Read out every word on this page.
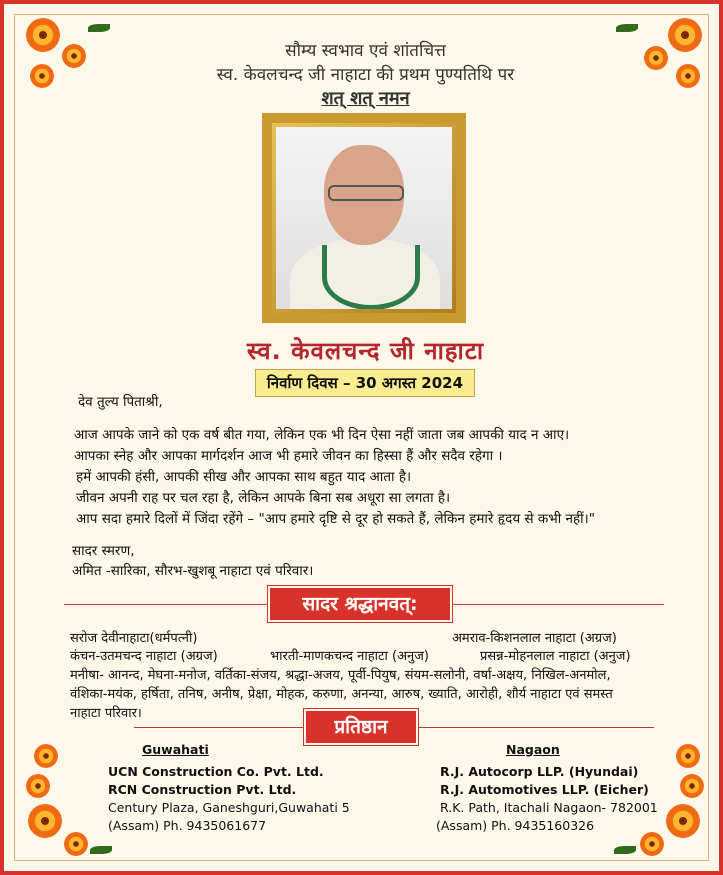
सौम्य स्वभाव एवं शांतचित्त
स्व. केवलचन्द जी नाहाटा की प्रथम पुण्यतिथि पर
शत् शत् नमन
स्व. केवलचन्द जी नाहाटा
निर्वाण दिवस – 30 अगस्त 2024
देव तुल्य पिताश्री,
आज आपके जाने को एक वर्ष बीत गया, लेकिन एक भी दिन ऐसा नहीं जाता जब आपकी याद न आए।
आपका स्नेह और आपका मार्गदर्शन आज भी हमारे जीवन का हिस्सा हैं और सदैव रहेगा ।
हमें आपकी हंसी, आपकी सीख और आपका साथ बहुत याद आता है।
जीवन अपनी राह पर चल रहा है, लेकिन आपके बिना सब अधूरा सा लगता है।
आप सदा हमारे दिलों में जिंदा रहेंगे – "आप हमारे दृष्टि से दूर हो सकते हैं, लेकिन हमारे हृदय से कभी नहीं।"
सादर स्मरण,
अमित -सारिका, सौरभ-खुशबू नाहाटा एवं परिवार।
सादर श्रद्धानवत्:
सरोज देवीनाहाटा(धर्मपत्नी)	अमराव-किशनलाल नाहाटा (अग्रज)
कंचन-उतमचन्द नाहाटा (अग्रज)	भारती-माणकचन्द नाहाटा (अनुज)	प्रसन्न-मोहनलाल नाहाटा (अनुज)
मनीषा- आनन्द, मेघना-मनोज, वर्तिका-संजय, श्रद्धा-अजय, पूर्वी-पियुष, संयम-सलोनी, वर्षा-अक्षय, निखिल-अनमोल,
वंशिका-मयंक, हर्षिता, तनिष, अनीष, प्रेक्षा, मोहक, करुणा, अनन्या, आरुष, ख्याति, आरोही, शौर्य नाहाटा एवं समस्त
नाहाटा परिवार।
प्रतिष्ठान
Guwahati
UCN Construction Co. Pvt. Ltd.
RCN Construction Pvt. Ltd.
Century Plaza, Ganeshguri,Guwahati 5
(Assam) Ph. 9435061677
Nagaon
R.J. Autocorp LLP. (Hyundai)
R.J. Automotives LLP. (Eicher)
R.K. Path, Itachali Nagaon- 782001
(Assam) Ph. 9435160326
